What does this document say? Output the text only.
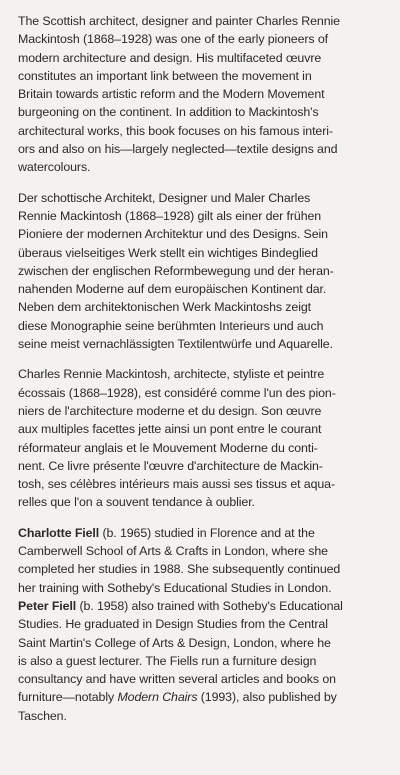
The Scottish architect, designer and painter Charles Rennie
Mackintosh (1868–1928) was one of the early pioneers of
modern architecture and design. His multifaceted œuvre
constitutes an important link between the movement in
Britain towards artistic reform and the Modern Movement
burgeoning on the continent. In addition to Mackintosh's
architectural works, this book focuses on his famous interi-
ors and also on his—largely neglected—textile designs and
watercolours.

Der schottische Architekt, Designer und Maler Charles
Rennie Mackintosh (1868–1928) gilt als einer der frühen
Pioniere der modernen Architektur und des Designs. Sein
überaus vielseitiges Werk stellt ein wichtiges Bindeglied
zwischen der englischen Reformbewegung und der heran-
nahenden Moderne auf dem europäischen Kontinent dar.
Neben dem architektonischen Werk Mackintoshs zeigt
diese Monographie seine berühmten Interieurs und auch
seine meist vernachlässigten Textilentwürfe und Aquarelle.

Charles Rennie Mackintosh, architecte, styliste et peintre
écossais (1868–1928), est considéré comme l'un des pion-
niers de l'architecture moderne et du design. Son œuvre
aux multiples facettes jette ainsi un pont entre le courant
réformateur anglais et le Mouvement Moderne du conti-
nent. Ce livre présente l'œuvre d'architecture de Mackin-
tosh, ses célèbres intérieurs mais aussi ses tissus et aqua-
relles que l'on a souvent tendance à oublier.

Charlotte Fiell (b. 1965) studied in Florence and at the
Camberwell School of Arts & Crafts in London, where she
completed her studies in 1988. She subsequently continued
her training with Sotheby's Educational Studies in London.
Peter Fiell (b. 1958) also trained with Sotheby's Educational
Studies. He graduated in Design Studies from the Central
Saint Martin's College of Arts & Design, London, where he
is also a guest lecturer. The Fiells run a furniture design
consultancy and have written several articles and books on
furniture—notably Modern Chairs (1993), also published by
Taschen.
